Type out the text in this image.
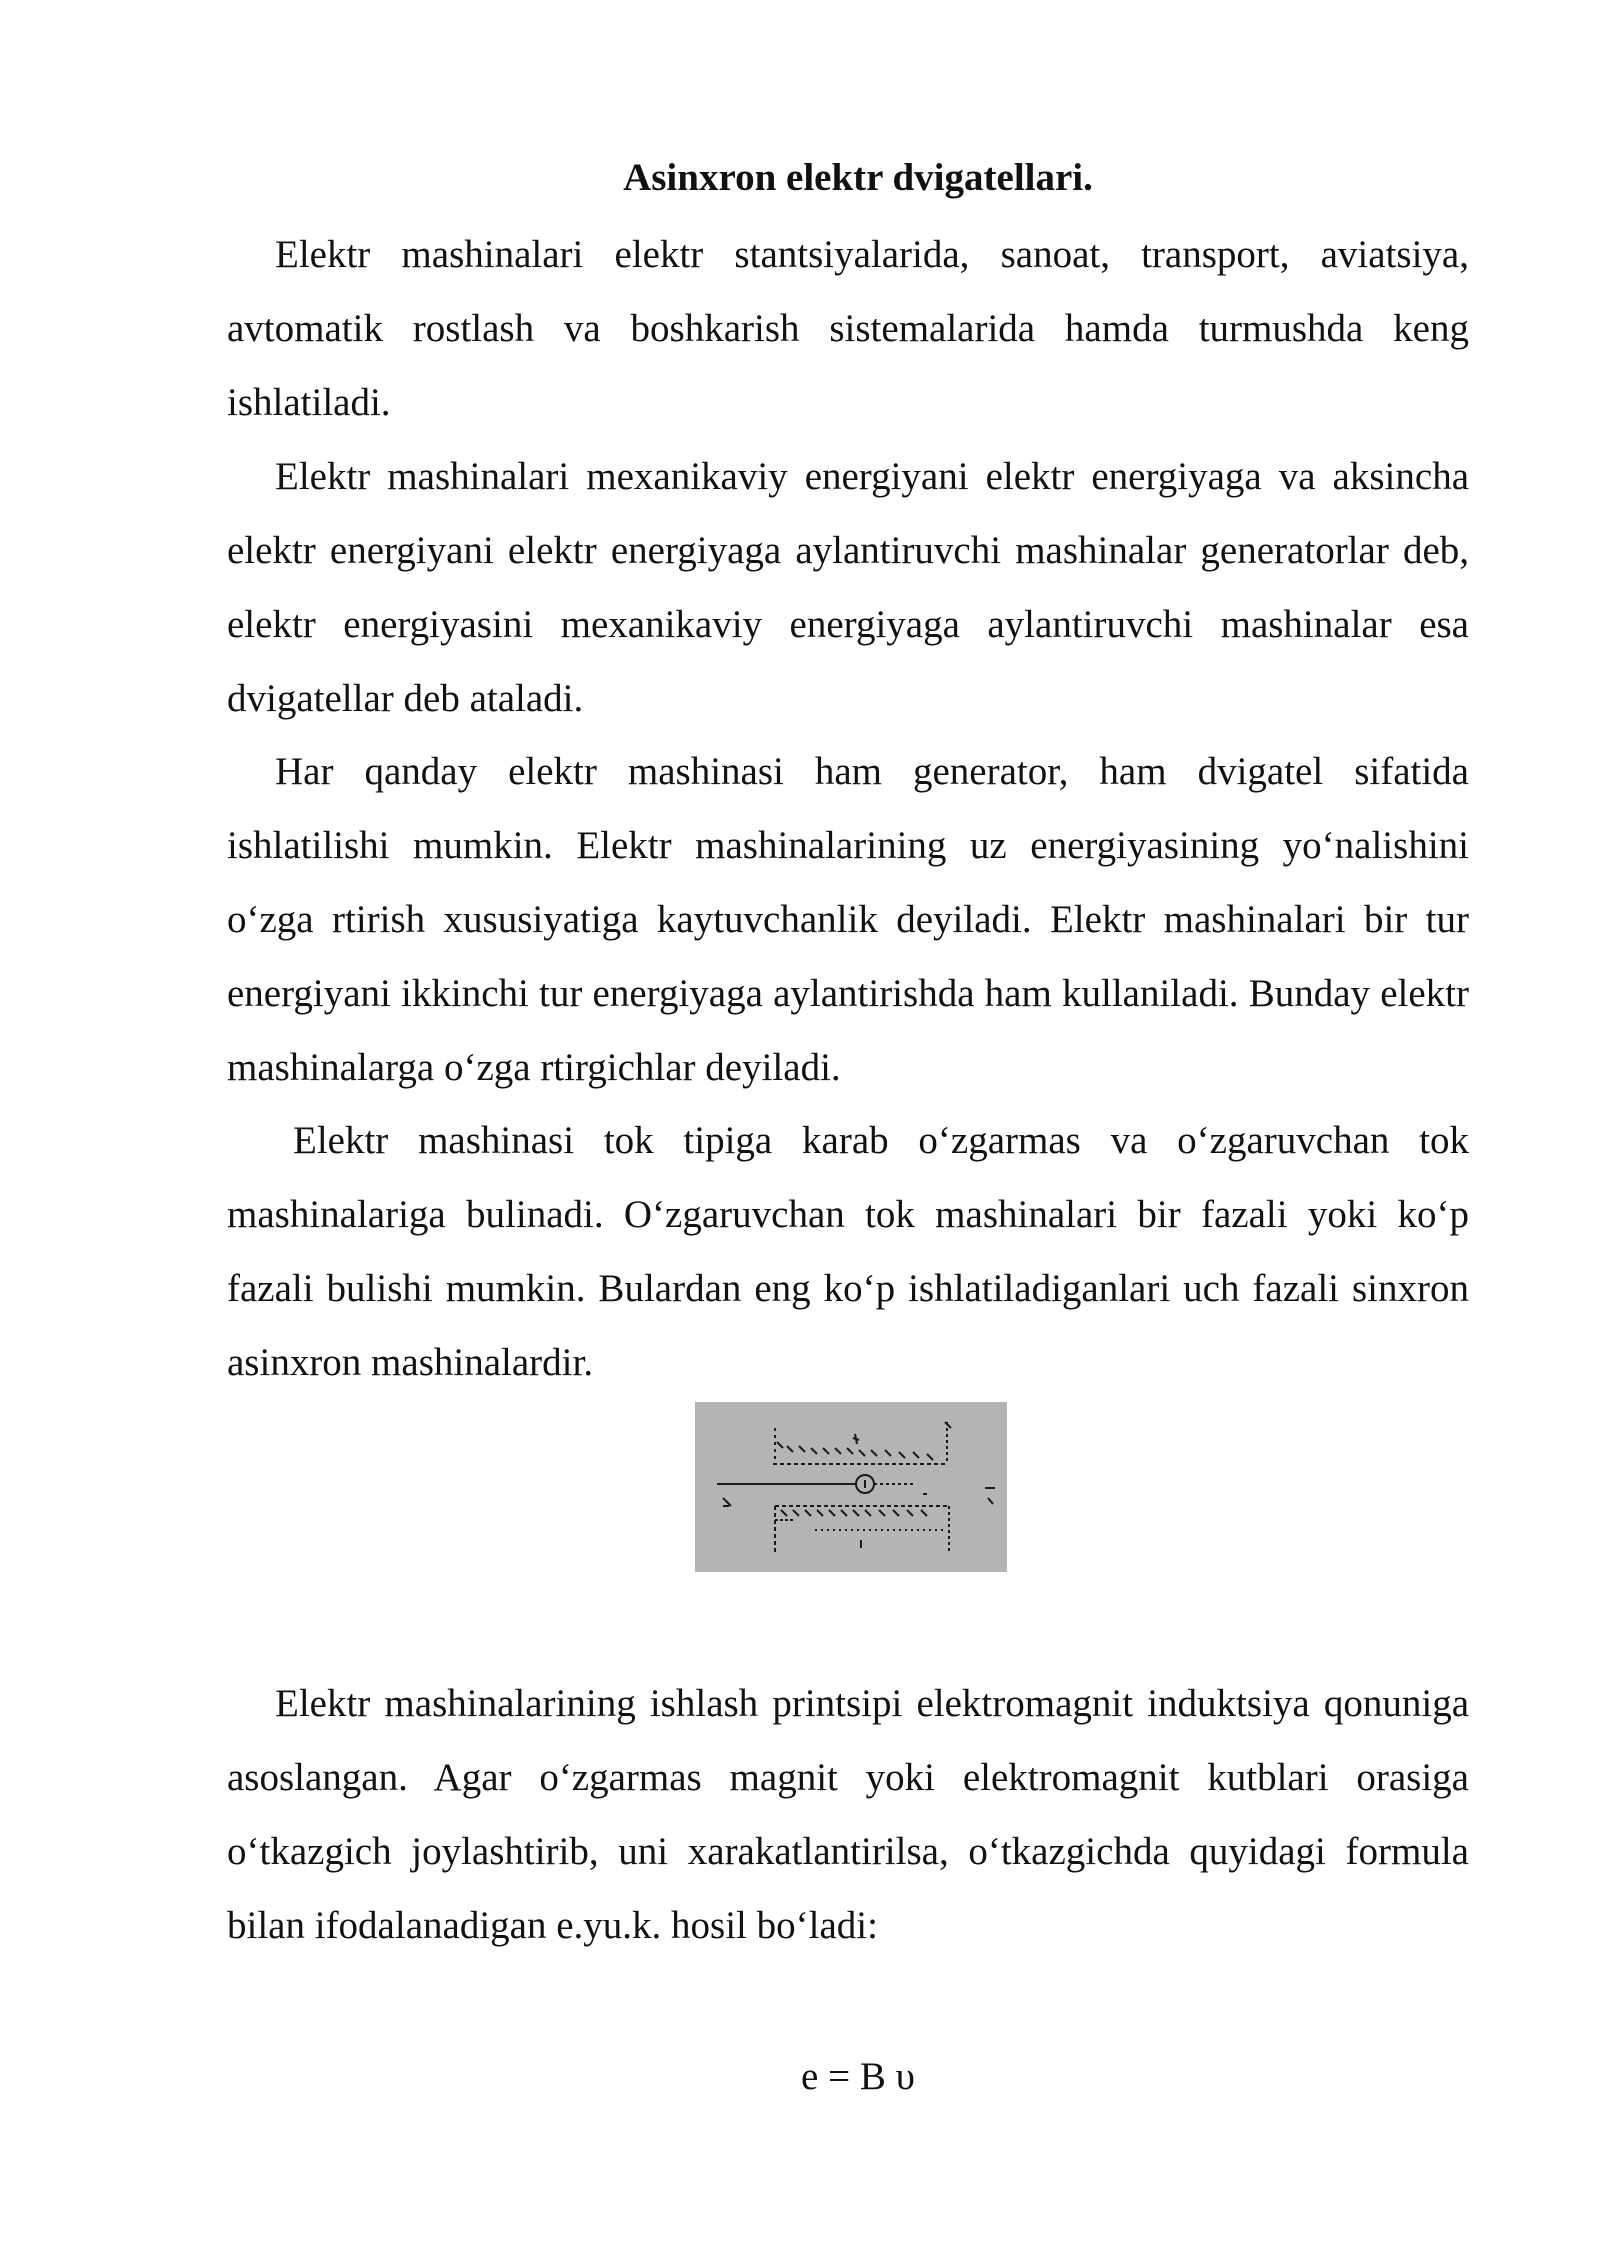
Asinxron elektr dvigatellari.

Elektr mashinalari elektr stantsiyalarida, sanoat, transport, aviatsiya, avtomatik rostlash va boshkarish sistemalarida hamda turmushda keng ishlatiladi.

Elektr mashinalari mexanikaviy energiyani elektr energiyaga va aksincha elektr energiyani elektr energiyaga aylantiruvchi mashinalar generatorlar deb, elektr energiyasini mexanikaviy energiyaga aylantiruvchi mashinalar esa dvigatellar deb ataladi.

Har qanday elektr mashinasi ham generator, ham dvigatel sifatida ishlatilishi mumkin. Elektr mashinalarining uz energiyasining yo‘nalishini o‘zga rtirish xususiyatiga kaytuvchanlik deyiladi. Elektr mashinalari bir tur energiyani ikkinchi tur energiyaga aylantirishda ham kullaniladi. Bunday elektr mashinalarga o‘zga rtirgichlar deyiladi.

Elektr mashinasi tok tipiga karab o‘zgarmas va o‘zgaruvchan tok mashinalariga bulinadi. O‘zgaruvchan tok mashinalari bir fazali yoki ko‘p fazali bulishi mumkin. Bulardan eng ko‘p ishlatiladiganlari uch fazali sinxron asinxron mashinalardir.

Elektr mashinalarining ishlash printsipi elektromagnit induktsiya qonuniga asoslangan. Agar o‘zgarmas magnit yoki elektromagnit kutblari orasiga o‘tkazgich joylashtirib, uni xarakatlantirilsa, o‘tkazgichda quyidagi formula bilan ifodalanadigan e.yu.k. hosil bo‘ladi:

e = B υ
